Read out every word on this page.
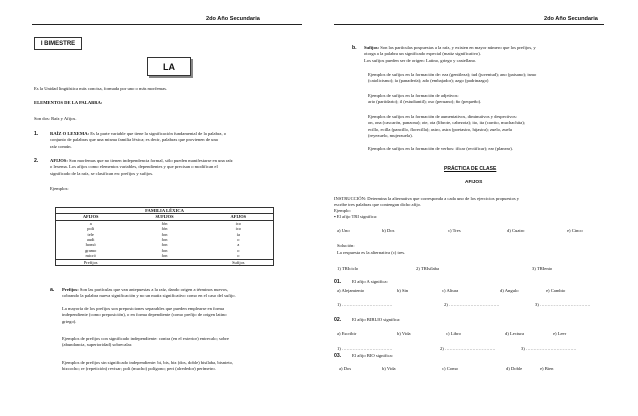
2do Año Secundaria
I BIMESTRE
LA
Es la Unidad lingüística más concisa, formada por uno o más morfemas.
ELEMENTOS DE LA PALABRA:
Son dos: Raíz y Afijos.
1.	RAÍZ O LEXEMA: Es la parte variable que tiene la significación fundamental de la palabra, o
conjunto de palabras que una misma familia léxica; es decir, palabras que provienen de una
raíz común.
2.	AFIJOS: Son morfemas que no tienen independencia formal, sólo pueden manifestarse en una raíz
o lexema. Los afijos como elementos variables, dependientes y que precisan o modifican el
significado de la raíz, se clasifican en: prefijos y sufijos.
Ejemplos:
FAMILIA LÉXICA		
AFIJOS	SUFIJOS	AFIJOS
a	fón	ico
poli	fón	ico
tele	fon	ía
audi	fon	o
homó	fon	a
gramo	fon	o
micró	fon	o
Prefijos		Sufijos
a. Prefijos: Son las partículas que van antepuestas a la raíz, dando origen a términos nuevos,
cobrando la palabra nueva significación y no un matiz significativo como en el caso del sufijo.
La mayoría de los prefijos son preposiciones separables que pueden emplearse en forma
independiente (como preposición), o en forma dependiente (como prefijo de origen latino
griego).
Ejemplos de prefijos con significado independiente: contra (en el exterior) entrecalo; sobre
(abundancia, superioridad) sobrecalar.
Ejemplos de prefijos sin significado independiente: bi, bis, biz (dos, doble) bisílaba, bisnieto,
bizcocho; re (repetición) revisar; poli (mucho) polígono; peri (alrededor) perímetro.
2do Año Secundaria
b. Sufijos: Son las partículas pospuestas a la raíz, y existen en mayor número que los prefijos, y
otorga a la palabra un significado especial (matiz significativo).
Los sufijos pueden ser de origen: Latino, griego y castellano.
Ejemplos de sufijos en la formación de: eza (gentileza); tud (juventud); ano (paisano); ismo
(catolicismo); ía (panadería); ado (embajador); azgo (padrinazgo)
Ejemplos de sufijos en la formación de adjetivos:
ario (partidario); il (estudiantil); oso (peruano); ño (pequeño).
Ejemplos de sufijos en la formación de aumentativos, diminutivos y despectivos:
on, ona (cascarón, panzona); ote, ota (librote, cabezota); ito, ita (carrito, muchachita);
ecillo, ecilla (pancillo, florecilla); astro, astra (poetastro, hijastra); zuelo, zuela
(reyezuelo, mujerzuela).
Ejemplos de sufijos en la formación de verbos: ificar (rectificar); ear (planear).
PRÁCTICA DE CLASE
AFIJOS
INSTRUCCIÓN: Determina la alternativa que corresponda a cada uno de los ejercicios propuestos y
escribe tres palabras que contengan dicho afijo.
Ejemplo:
▪ El afijo TRI significa:
a) Uno	b) Dos	c) Tres	d) Cuatro	e) Cinco
Solución:
La respuesta es la alternativa (c) tres.
1) TRIciclo	2) TRIsílaba	3) TRIenio
01. El afijo A significa:
a) Alejamiento	b) Sin	c) Altura	d) Angulo	e) Cambio
1) ……………………………	2) ……………………………	3) ……………………………
02. El afijo BIBLIO significa:
a) Escribir	b) Vida	c) Libro	d) Lectura	e) Leer
1) ……………………………	2) ……………………………	3) ……………………………
03. El afijo BIO significa:
a) Dos	b) Vida	c) Como	d) Doble	e) Bien
